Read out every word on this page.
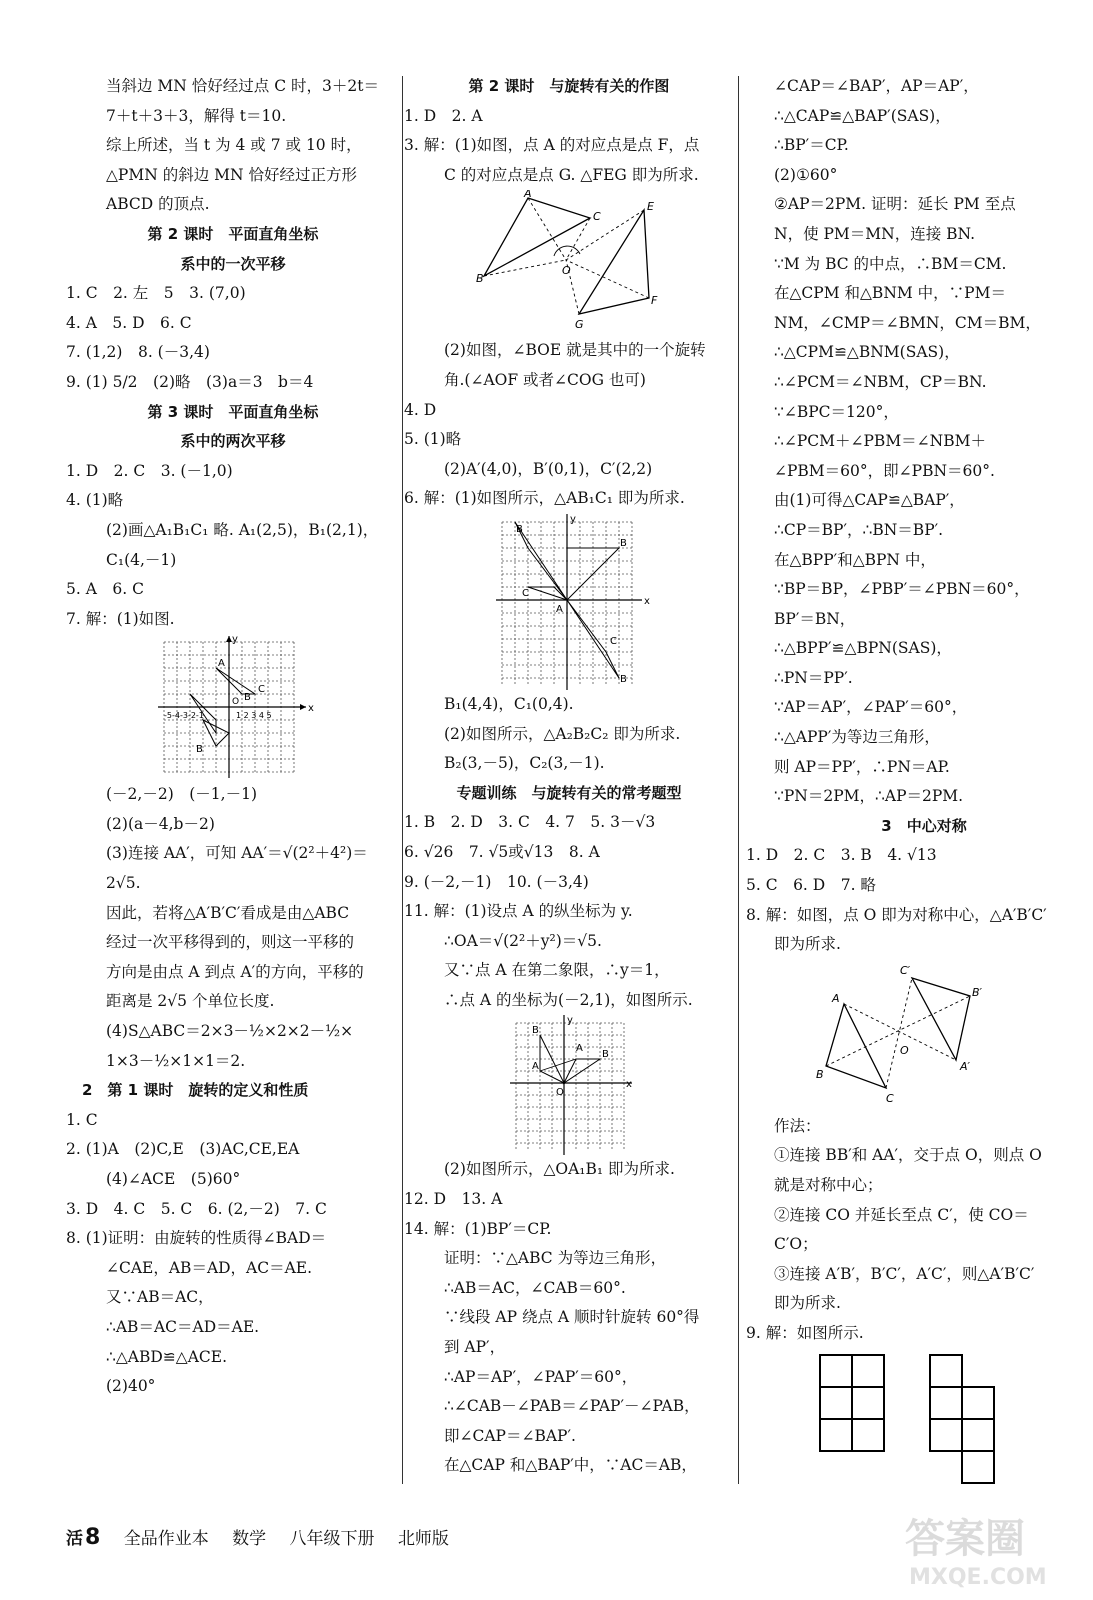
当斜边 MN 恰好经过点 C 时，3＋2t＝
7＋t＋3＋3，解得 t＝10.
综上所述，当 t 为 4 或 7 或 10 时，
△PMN 的斜边 MN 恰好经过正方形
ABCD 的顶点.
第 2 课时　平面直角坐标
系中的一次平移
1. C　2. 左　5　3. (7,0)
4. A　5. D　6. C
7. (1,2)　8. (－3,4)
9. (1) 5/2　(2)略　(3)a＝3　b＝4
第 3 课时　平面直角坐标
系中的两次平移
1. D　2. C　3. (－1,0)
4. (1)略
(2)画△A₁B₁C₁ 略. A₁(2,5)，B₁(2,1)，
C₁(4,－1)
5. A　6. C
7. 解：(1)如图.
A
B
C
B
O
x
y
-5-4-3-2-1	1 2 3 4 5
(－2,－2)　(－1,－1)
(2)(a－4,b－2)
(3)连接 AA′，可知 AA′＝√(2²＋4²)＝
2√5.
因此，若将△A′B′C′看成是由△ABC
经过一次平移得到的，则这一平移的
方向是由点 A 到点 A′的方向，平移的
距离是 2√5 个单位长度.
(4)S△ABC＝2×3－½×2×2－½×
1×3－½×1×1＝2.
2　第 1 课时　旋转的定义和性质
1. C
2. (1)A　(2)C,E　(3)AC,CE,EA
(4)∠ACE　(5)60°
3. D　4. C　5. C　6. (2,－2)　7. C
8. (1)证明：由旋转的性质得∠BAD＝
∠CAE，AB＝AD，AC＝AE.
又∵AB＝AC，
∴AB＝AC＝AD＝AE.
∴△ABD≌△ACE.
(2)40°
第 2 课时　与旋转有关的作图
1. D　2. A
3. 解：(1)如图，点 A 的对应点是点 F，点
C 的对应点是点 G. △FEG 即为所求.
A
C
B
E
F
G
O
(2)如图，∠BOE 就是其中的一个旋转
角.(∠AOF 或者∠COG 也可)
4. D
5. (1)略
(2)A′(4,0)，B′(0,1)，C′(2,2)
6. 解：(1)如图所示，△AB₁C₁ 即为所求.
B
B
C
C
B
A
x
y
B₁(4,4)，C₁(0,4).
(2)如图所示，△A₂B₂C₂ 即为所求.
B₂(3,－5)，C₂(3,－1).
专题训练　与旋转有关的常考题型
1. B　2. D　3. C　4. 7　5. 3－√3
6. √26　7. √5或√13　8. A
9. (－2,－1)　10. (－3,4)
11. 解：(1)设点 A 的纵坐标为 y.
∴OA＝√(2²＋y²)＝√5.
又∵点 A 在第二象限，∴y＝1，
∴点 A 的坐标为(－2,1)，如图所示.
B
A
A
B
O
y
x
(2)如图所示，△OA₁B₁ 即为所求.
12. D　13. A
14. 解：(1)BP′＝CP.
证明：∵△ABC 为等边三角形，
∴AB＝AC，∠CAB＝60°.
∵线段 AP 绕点 A 顺时针旋转 60°得
到 AP′，
∴AP＝AP′，∠PAP′＝60°，
∴∠CAB－∠PAB＝∠PAP′－∠PAB，
即∠CAP＝∠BAP′.
在△CAP 和△BAP′中，∵AC＝AB，
∠CAP＝∠BAP′，AP＝AP′，
∴△CAP≌△BAP′(SAS)，
∴BP′＝CP.
(2)①60°
②AP＝2PM. 证明：延长 PM 至点
N，使 PM＝MN，连接 BN.
∵M 为 BC 的中点，∴BM＝CM.
在△CPM 和△BNM 中，∵PM＝
NM，∠CMP＝∠BMN，CM＝BM，
∴△CPM≌△BNM(SAS)，
∴∠PCM＝∠NBM，CP＝BN.
∵∠BPC＝120°，
∴∠PCM＋∠PBM＝∠NBM＋
∠PBM＝60°，即∠PBN＝60°.
由(1)可得△CAP≌△BAP′，
∴CP＝BP′，∴BN＝BP′.
在△BPP′和△BPN 中，
∵BP＝BP，∠PBP′＝∠PBN＝60°，
BP′＝BN，
∴△BPP′≌△BPN(SAS)，
∴PN＝PP′.
∵AP＝AP′，∠PAP′＝60°，
∴△APP′为等边三角形，
则 AP＝PP′，∴PN＝AP.
∵PN＝2PM，∴AP＝2PM.
3　中心对称
1. D　2. C　3. B　4. √13
5. C　6. D　7. 略
8. 解：如图，点 O 即为对称中心，△A′B′C′
即为所求.
A
B
C
C′
B′
A′
O
作法：
①连接 BB′和 AA′，交于点 O，则点 O
就是对称中心；
②连接 CO 并延长至点 C′，使 CO＝
C′O；
③连接 A′B′，B′C′，A′C′，则△A′B′C′
即为所求.
9. 解：如图所示.
活8 全品作业本 数学 八年级下册 北师版	答案圈
MXQE.COM
